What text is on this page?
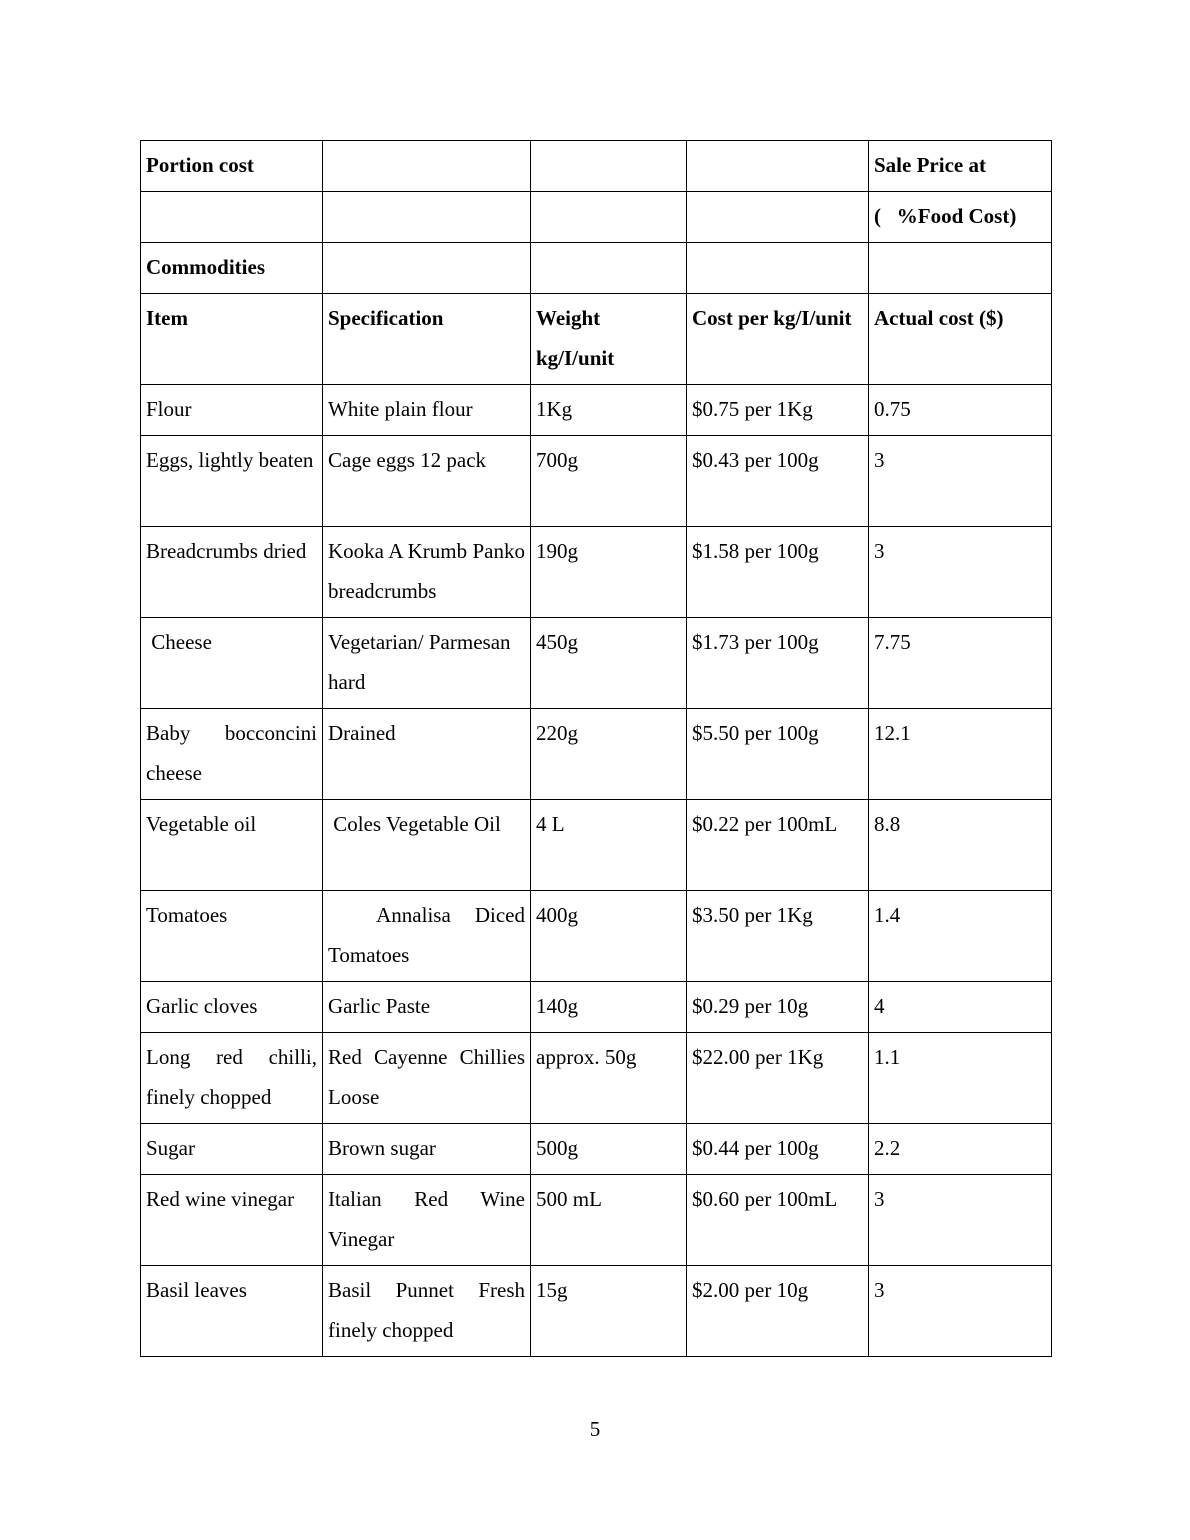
Portion cost				Sale Price at
				(   %Food Cost)
Commodities				
Item	Specification	Weight kg/I/unit	Cost per kg/I/unit	Actual cost ($)
Flour	White plain flour	1Kg	$0.75 per 1Kg	0.75
Eggs, lightly beaten	Cage eggs 12 pack	700g	$0.43 per 100g	3
Breadcrumbs dried	Kooka A Krumb Panko breadcrumbs	190g	$1.58 per 100g	3
Cheese	Vegetarian/ Parmesan hard	450g	$1.73 per 100g	7.75
Baby bocconcini cheese	Drained	220g	$5.50 per 100g	12.1
Vegetable oil	Coles Vegetable Oil	4 L	$0.22 per 100mL	8.8
Tomatoes	Annalisa Diced Tomatoes	400g	$3.50 per 1Kg	1.4
Garlic cloves	Garlic Paste	140g	$0.29 per 10g	4
Long red chilli, finely chopped	Red Cayenne Chillies Loose	approx. 50g	$22.00 per 1Kg	1.1
Sugar	Brown sugar	500g	$0.44 per 100g	2.2
Red wine vinegar	Italian Red Wine Vinegar	500 mL	$0.60 per 100mL	3
Basil leaves	Basil Punnet Fresh finely chopped	15g	$2.00 per 10g	3
5
